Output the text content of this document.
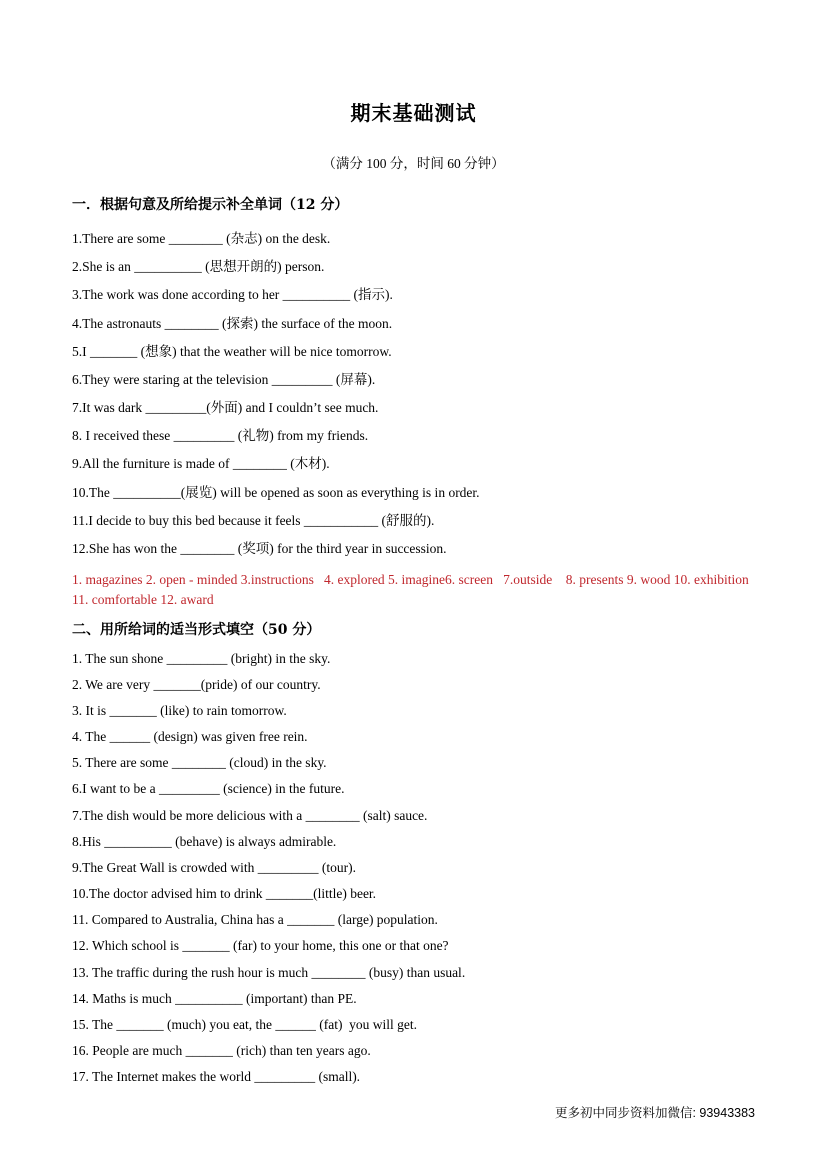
期末基础测试
（满分 100 分，时间 60 分钟）
一．根据句意及所给提示补全单词（12 分）
1.There are some ________ (杂志) on the desk.
2.She is an __________ (思想开朗的) person.
3.The work was done according to her __________ (指示).
4.The astronauts ________ (探索) the surface of the moon.
5.I _______ (想象) that the weather will be nice tomorrow.
6.They were staring at the television _________ (屏幕).
7.It was dark _________(外面) and I couldn’t see much.
8. I received these _________ (礼物) from my friends.
9.All the furniture is made of ________ (木材).
10.The __________(展览) will be opened as soon as everything is in order.
11.I decide to buy this bed because it feels ___________ (舒服的).
12.She has won the ________ (奖项) for the third year in succession.
1. magazines 2. open - minded 3.instructions   4. explored 5. imagine6. screen   7.outside    8. presents 9. wood 10. exhibition  11. comfortable 12. award
二、用所给词的适当形式填空（50 分）
1. The sun shone _________ (bright) in the sky.
2. We are very _______(pride) of our country.
3. It is _______ (like) to rain tomorrow.
4. The ______ (design) was given free rein.
5. There are some ________ (cloud) in the sky.
6.I want to be a _________ (science) in the future.
7.The dish would be more delicious with a ________ (salt) sauce.
8.His __________ (behave) is always admirable.
9.The Great Wall is crowded with _________ (tour).
10.The doctor advised him to drink _______(little) beer.
11. Compared to Australia, China has a _______ (large) population.
12. Which school is _______ (far) to your home, this one or that one?
13. The traffic during the rush hour is much ________ (busy) than usual.
14. Maths is much __________ (important) than PE.
15. The _______ (much) you eat, the ______ (fat)  you will get.
16. People are much _______ (rich) than ten years ago.
17. The Internet makes the world _________ (small).
更多初中同步资料加微信: 93943383
